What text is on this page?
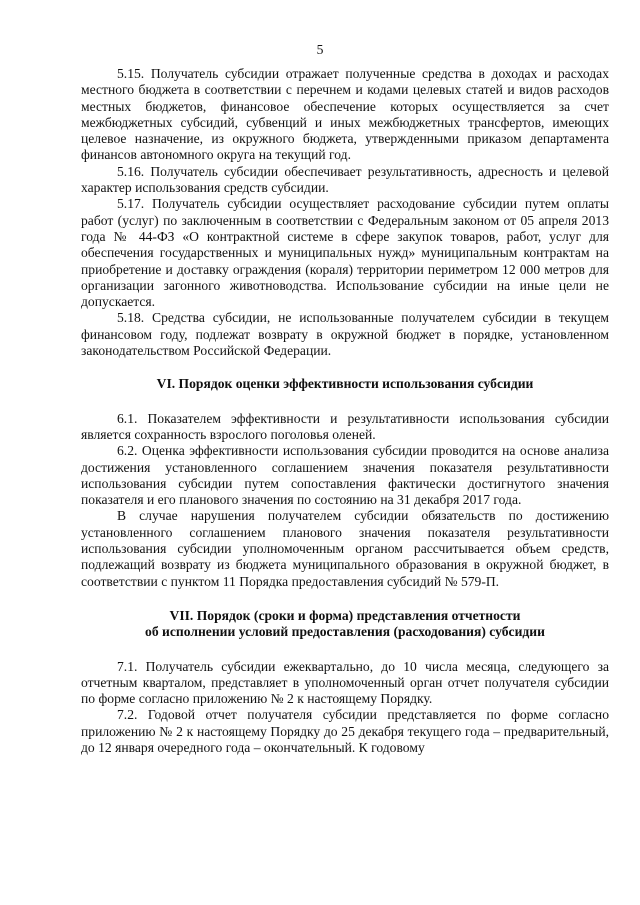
5

5.15. Получатель субсидии отражает полученные средства в доходах и расходах местного бюджета в соответствии с перечнем и кодами целевых статей и видов расходов местных бюджетов, финансовое обеспечение которых осуществляется за счет межбюджетных субсидий, субвенций и иных межбюджетных трансфертов, имеющих целевое назначение, из окружного бюджета, утвержденными приказом департамента финансов автономного округа на текущий год.

5.16. Получатель субсидии обеспечивает результативность, адресность и целевой характер использования средств субсидии.

5.17. Получатель субсидии осуществляет расходование субсидии путем оплаты работ (услуг) по заключенным в соответствии с Федеральным законом от 05 апреля 2013 года № 44-ФЗ «О контрактной системе в сфере закупок товаров, работ, услуг для обеспечения государственных и муниципальных нужд» муниципальным контрактам на приобретение и доставку ограждения (кораля) территории периметром 12 000 метров для организации загонного животноводства. Использование субсидии на иные цели не допускается.

5.18. Средства субсидии, не использованные получателем субсидии в текущем финансовом году, подлежат возврату в окружной бюджет в порядке, установленном законодательством Российской Федерации.

VI. Порядок оценки эффективности использования субсидии

6.1. Показателем эффективности и результативности использования субсидии является сохранность взрослого поголовья оленей.

6.2. Оценка эффективности использования субсидии проводится на основе анализа достижения установленного соглашением значения показателя результативности использования субсидии путем сопоставления фактически достигнутого значения показателя и его планового значения по состоянию на 31 декабря 2017 года.

В случае нарушения получателем субсидии обязательств по достижению установленного соглашением планового значения показателя результативности использования субсидии уполномоченным органом рассчитывается объем средств, подлежащий возврату из бюджета муниципального образования в окружной бюджет, в соответствии с пунктом 11 Порядка предоставления субсидий № 579-П.

VII. Порядок (сроки и форма) представления отчетности

об исполнении условий предоставления (расходования) субсидии

7.1. Получатель субсидии ежеквартально, до 10 числа месяца, следующего за отчетным кварталом, представляет в уполномоченный орган отчет получателя субсидии по форме согласно приложению № 2 к настоящему Порядку.

7.2. Годовой отчет получателя субсидии представляется по форме согласно приложению № 2 к настоящему Порядку до 25 декабря текущего года – предварительный, до 12 января очередного года – окончательный. К годовому
